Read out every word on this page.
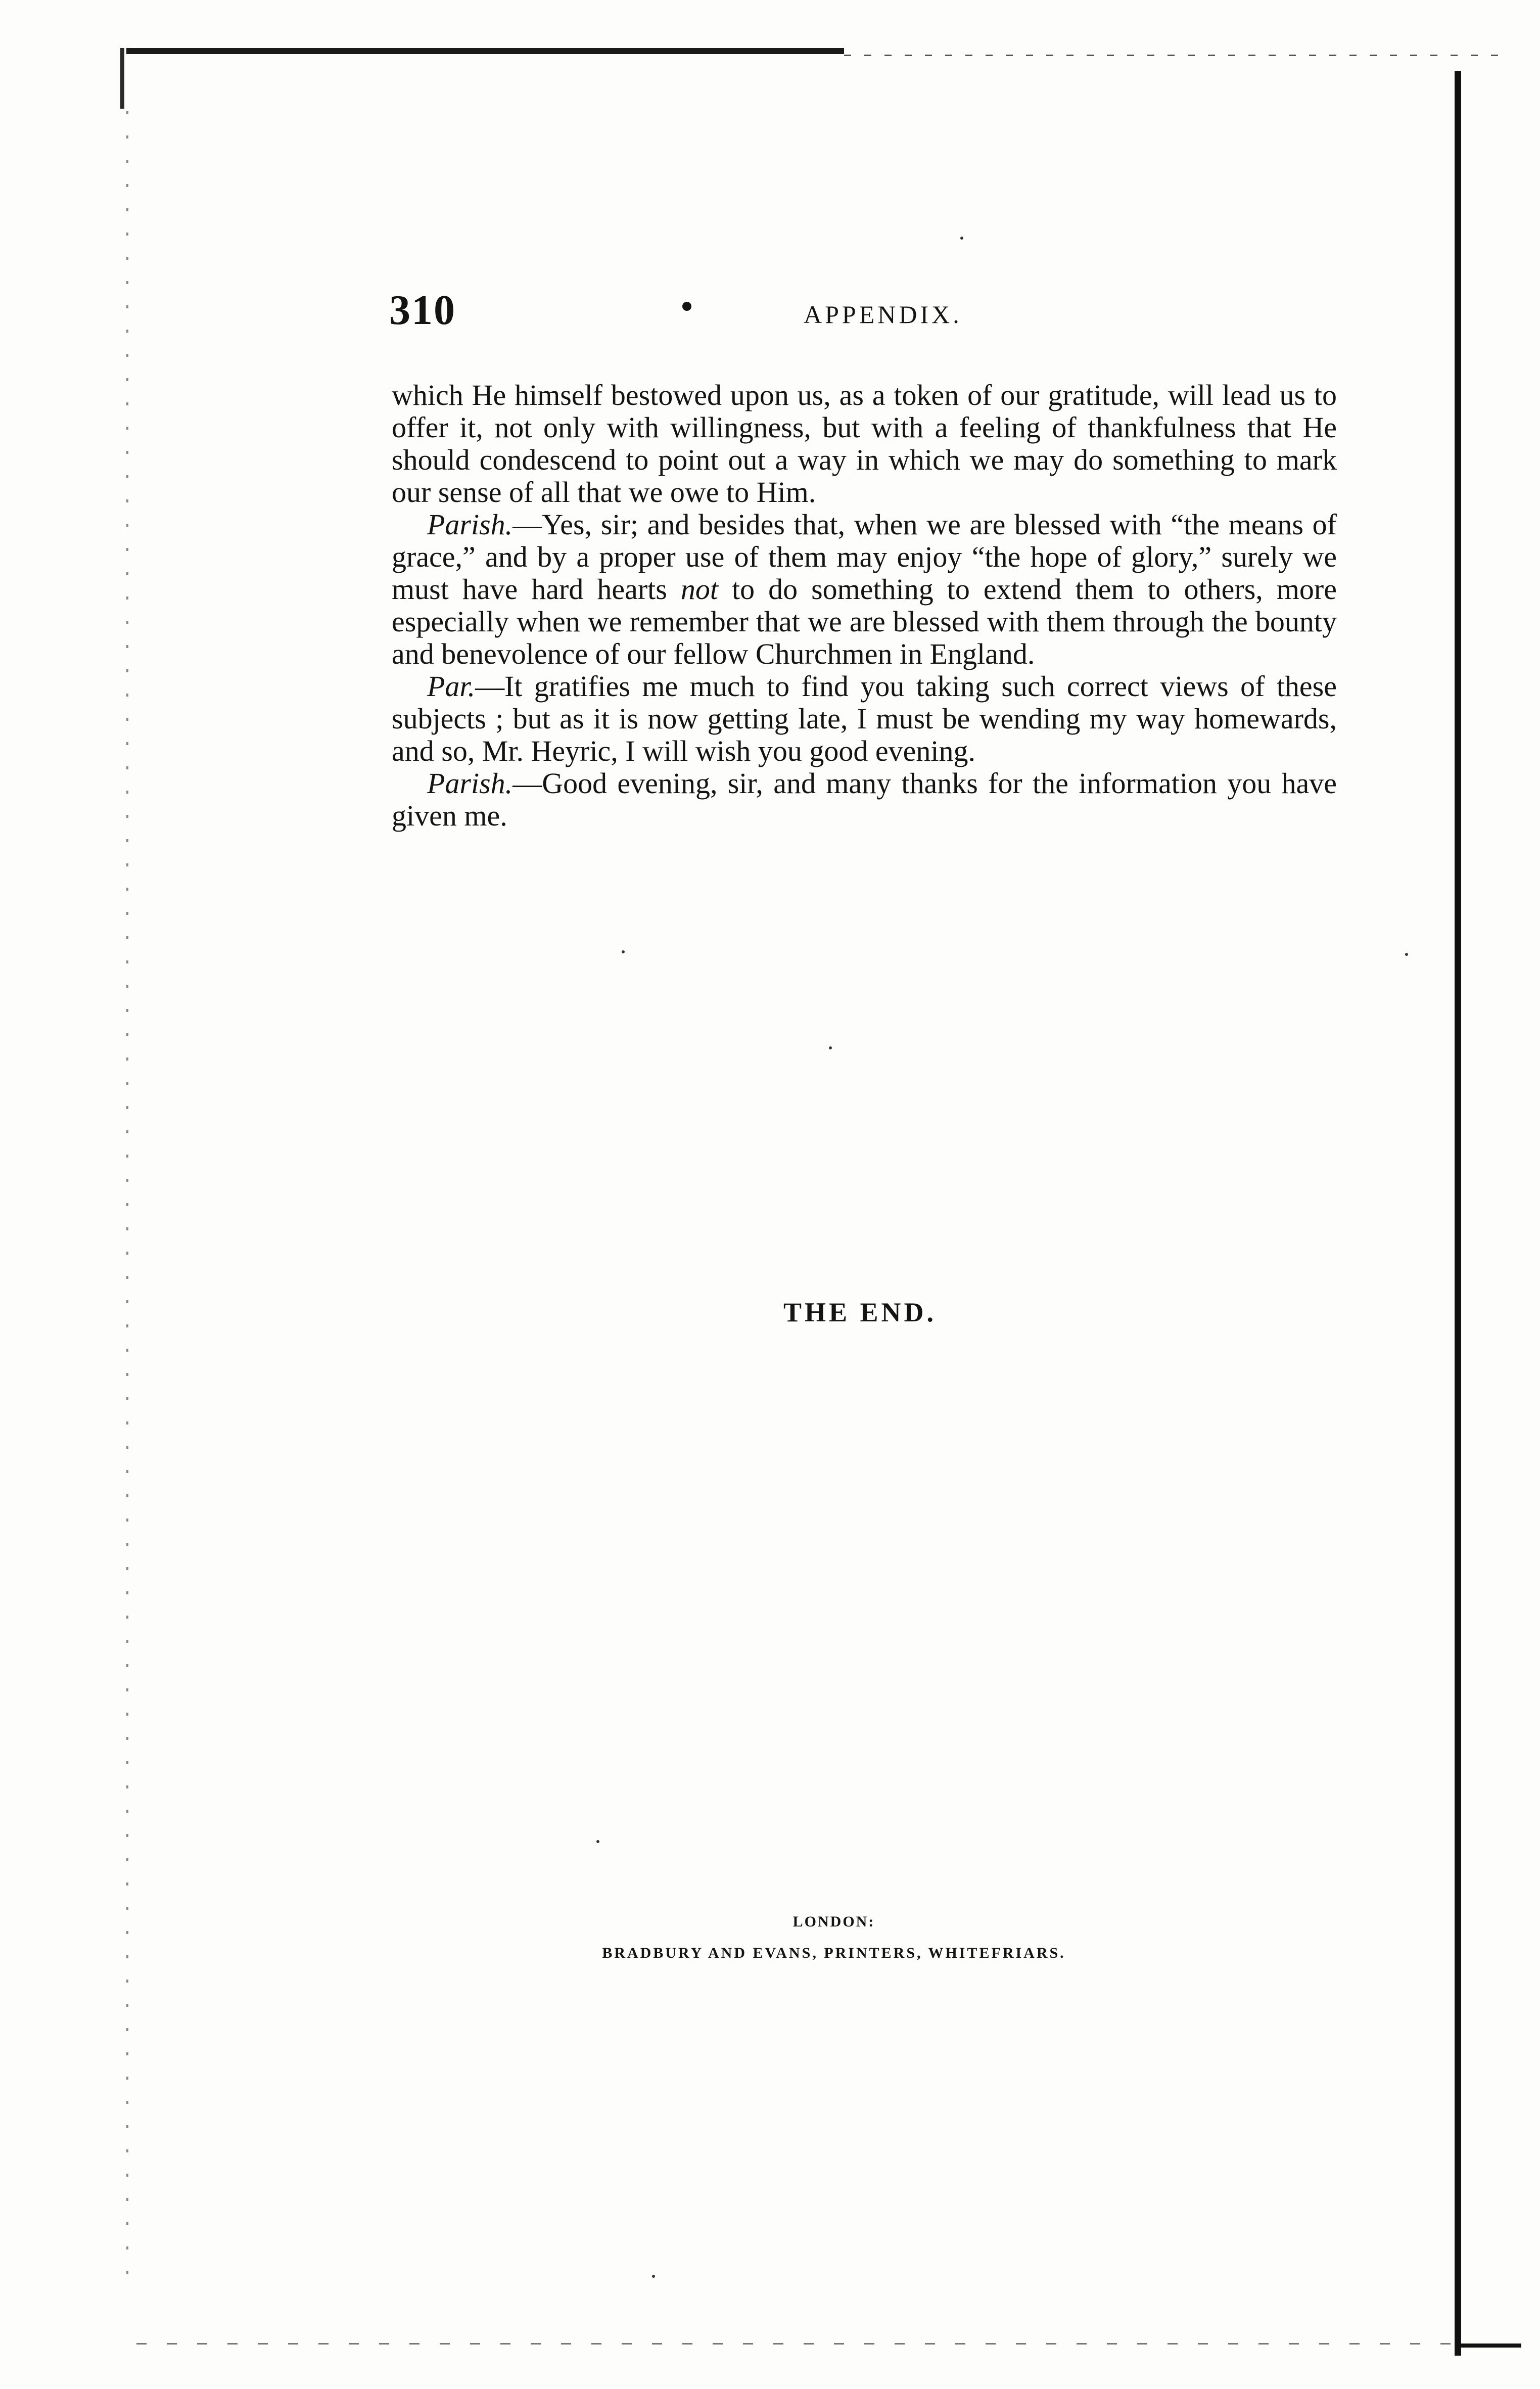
310	APPENDIX.

which He himself bestowed upon us, as a token of our gratitude, will lead us to offer it, not only with willingness, but with a feeling of thankfulness that He should condescend to point out a way in which we may do something to mark our sense of all that we owe to Him.

Parish.—Yes, sir; and besides that, when we are blessed with “the means of grace,” and by a proper use of them may enjoy “the hope of glory,” surely we must have hard hearts not to do something to extend them to others, more especially when we remember that we are blessed with them through the bounty and benevolence of our fellow Churchmen in England.

Par.—It gratifies me much to find you taking such correct views of these subjects ; but as it is now getting late, I must be wending my way homewards, and so, Mr. Heyric, I will wish you good evening.

Parish.—Good evening, sir, and many thanks for the information you have given me.

THE END.
LONDON:
BRADBURY AND EVANS, PRINTERS, WHITEFRIARS.
